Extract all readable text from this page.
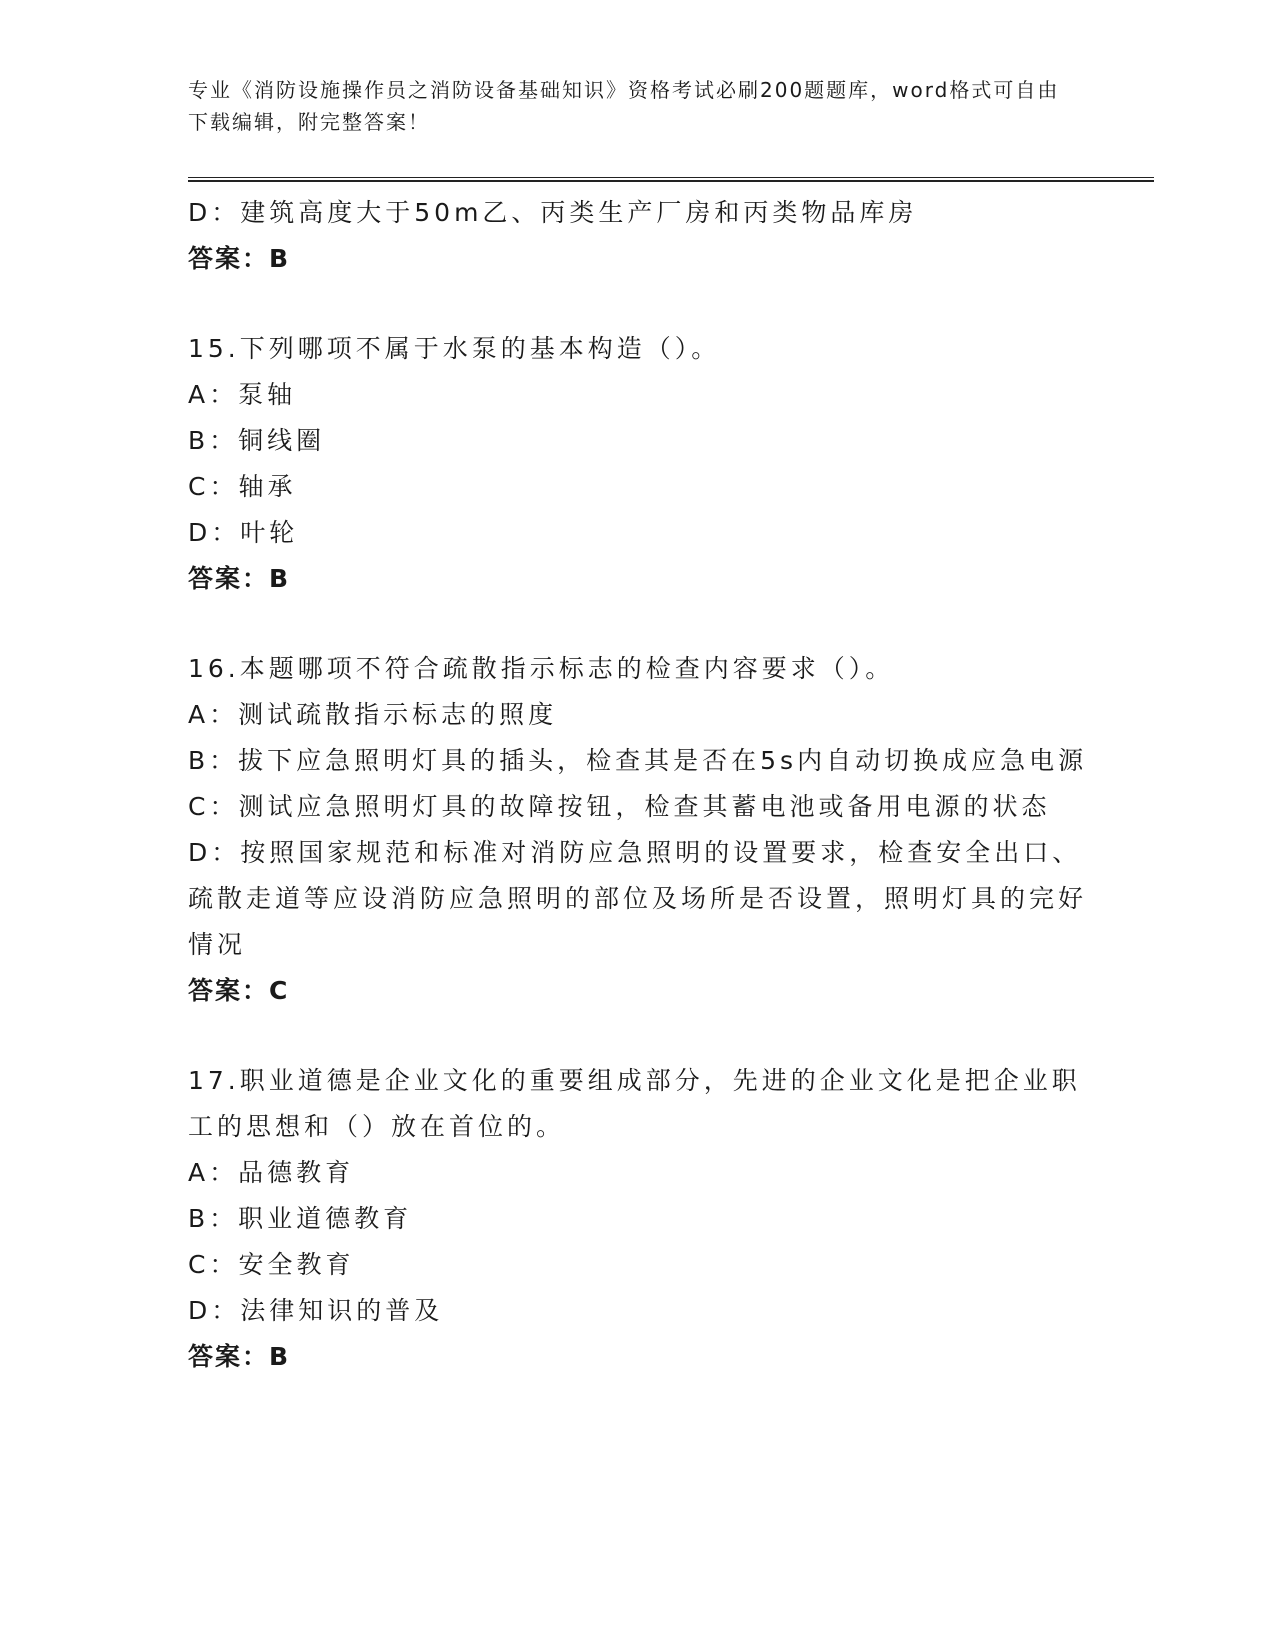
专业《消防设施操作员之消防设备基础知识》资格考试必刷200题题库，word格式可自由下载编辑，附完整答案！

D：建筑高度大于50m乙、丙类生产厂房和丙类物品库房

答案：B

15.下列哪项不属于水泵的基本构造（）。

A：泵轴

B：铜线圈

C：轴承

D：叶轮

答案：B

16.本题哪项不符合疏散指示标志的检查内容要求（）。

A：测试疏散指示标志的照度

B：拔下应急照明灯具的插头，检查其是否在5s内自动切换成应急电源

C：测试应急照明灯具的故障按钮，检查其蓄电池或备用电源的状态

D：按照国家规范和标准对消防应急照明的设置要求，检查安全出口、疏散走道等应设消防应急照明的部位及场所是否设置，照明灯具的完好情况

答案：C

17.职业道德是企业文化的重要组成部分，先进的企业文化是把企业职工的思想和（）放在首位的。

A：品德教育

B：职业道德教育

C：安全教育

D：法律知识的普及

答案：B
